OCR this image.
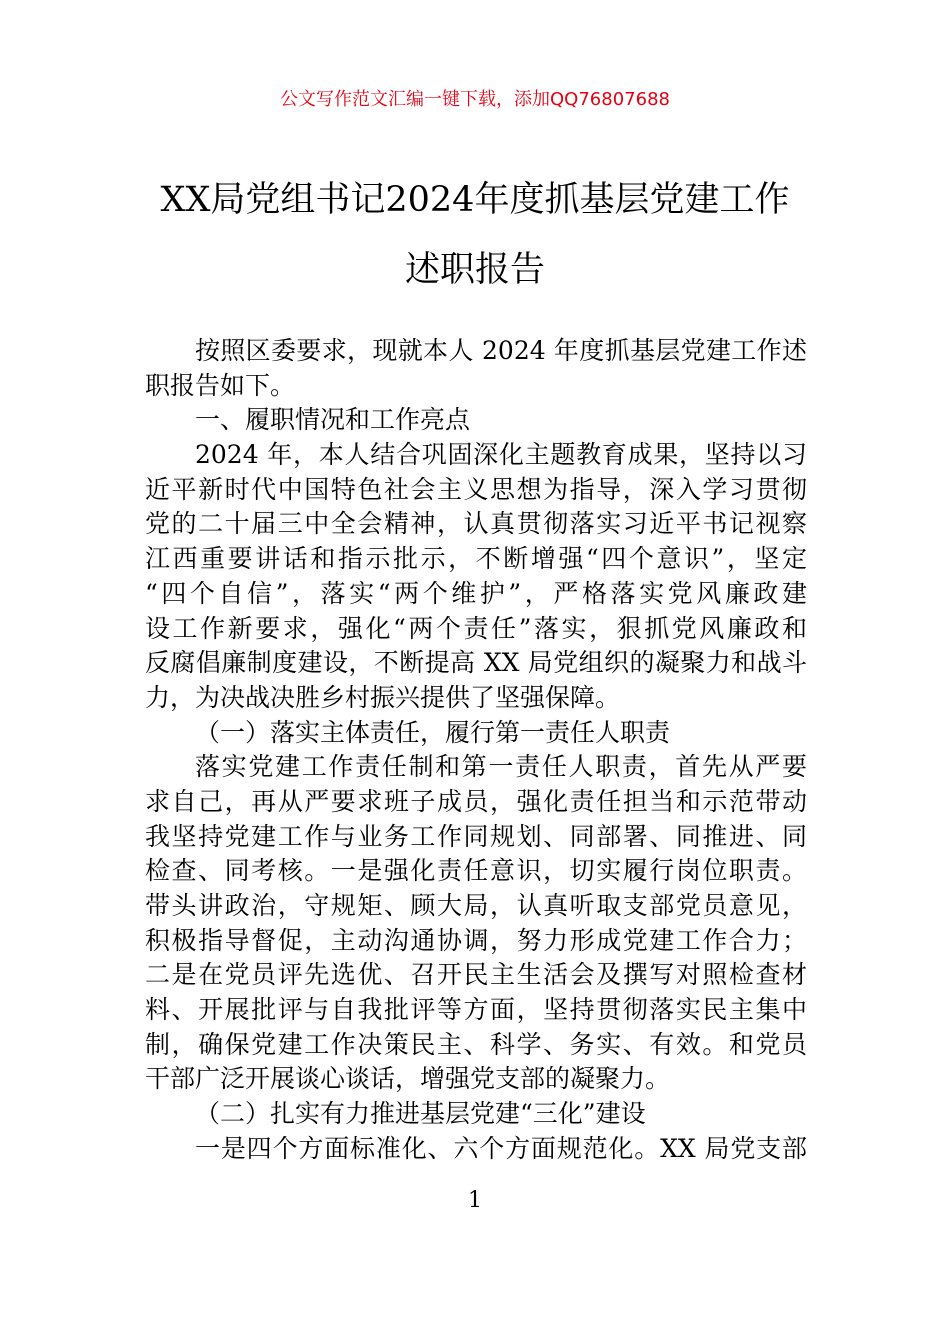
公文写作范文汇编一键下载，添加QQ76807688
XX局党组书记2024年度抓基层党建工作
述职报告
按照区委要求，现就本人 2024 年度抓基层党建工作述
职报告如下。
一、履职情况和工作亮点
2024 年，本人结合巩固深化主题教育成果，坚持以习
近平新时代中国特色社会主义思想为指导，深入学习贯彻
党的二十届三中全会精神，认真贯彻落实习近平书记视察
江西重要讲话和指示批示，不断增强“四个意识”，坚定
“四个自信”，落实“两个维护”，严格落实党风廉政建
设工作新要求，强化“两个责任”落实，狠抓党风廉政和
反腐倡廉制度建设，不断提高 XX 局党组织的凝聚力和战斗
力，为决战决胜乡村振兴提供了坚强保障。
（一）落实主体责任，履行第一责任人职责
落实党建工作责任制和第一责任人职责，首先从严要
求自己，再从严要求班子成员，强化责任担当和示范带动
我坚持党建工作与业务工作同规划、同部署、同推进、同
检查、同考核。一是强化责任意识，切实履行岗位职责。
带头讲政治，守规矩、顾大局，认真听取支部党员意见，
积极指导督促，主动沟通协调，努力形成党建工作合力；
二是在党员评先选优、召开民主生活会及撰写对照检查材
料、开展批评与自我批评等方面，坚持贯彻落实民主集中
制，确保党建工作决策民主、科学、务实、有效。和党员
干部广泛开展谈心谈话，增强党支部的凝聚力。
（二）扎实有力推进基层党建“三化”建设
一是四个方面标准化、六个方面规范化。XX 局党支部
1
